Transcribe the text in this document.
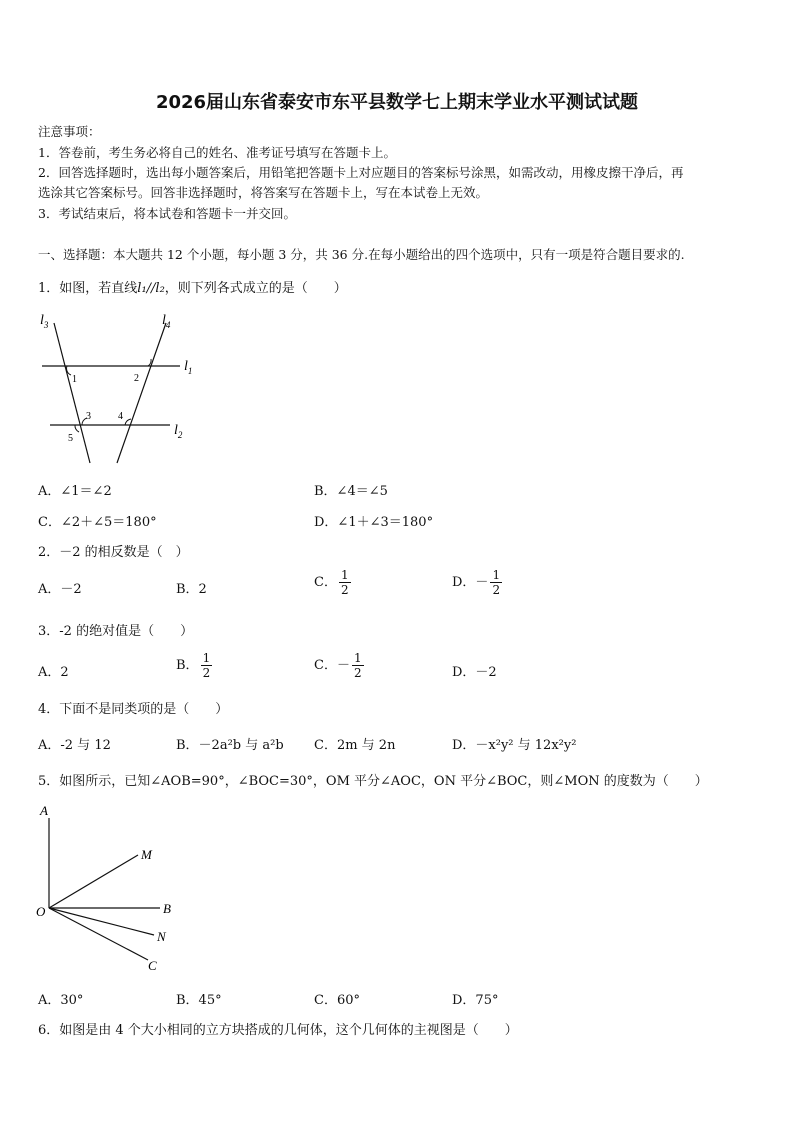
2026届山东省泰安市东平县数学七上期末学业水平测试试题
注意事项：
1．答卷前，考生务必将自己的姓名、准考证号填写在答题卡上。
2．回答选择题时，选出每小题答案后，用铅笔把答题卡上对应题目的答案标号涂黑，如需改动，用橡皮擦干净后，再
选涂其它答案标号。回答非选择题时，将答案写在答题卡上，写在本试卷上无效。
3．考试结束后，将本试卷和答题卡一并交回。
一、选择题：本大题共 12 个小题，每小题 3 分，共 36 分.在每小题给出的四个选项中，只有一项是符合题目要求的.
1．如图，若直线l₁//l₂，则下列各式成立的是（　　）
$l_3$	$l_4$
$l_1$
$l_2$
1	2
3	4
5
A．∠1＝∠2	B．∠4＝∠5
C．∠2＋∠5＝180°	D．∠1＋∠3＝180°
2．－2 的相反数是（　）
A．－2	B．2	C． $\frac{1}{2}$	D．－ $\frac{1}{2}$
3．-2 的绝对值是（　　）
A．2	B． $\frac{1}{2}$	C．－ $\frac{1}{2}$	D．－2
4．下面不是同类项的是（　　）
A．-2 与 12	B．－2a²b 与 a²b C．2m 与 2n	D．－x²y² 与 12x²y²
5．如图所示，已知∠AOB=90°，∠BOC=30°，OM 平分∠AOC，ON 平分∠BOC，则∠MON 的度数为（　　）
A
O
M
B
N
C
A．30°	B．45°	C．60°	D．75°
6．如图是由 4 个大小相同的立方块搭成的几何体，这个几何体的主视图是（　　）
